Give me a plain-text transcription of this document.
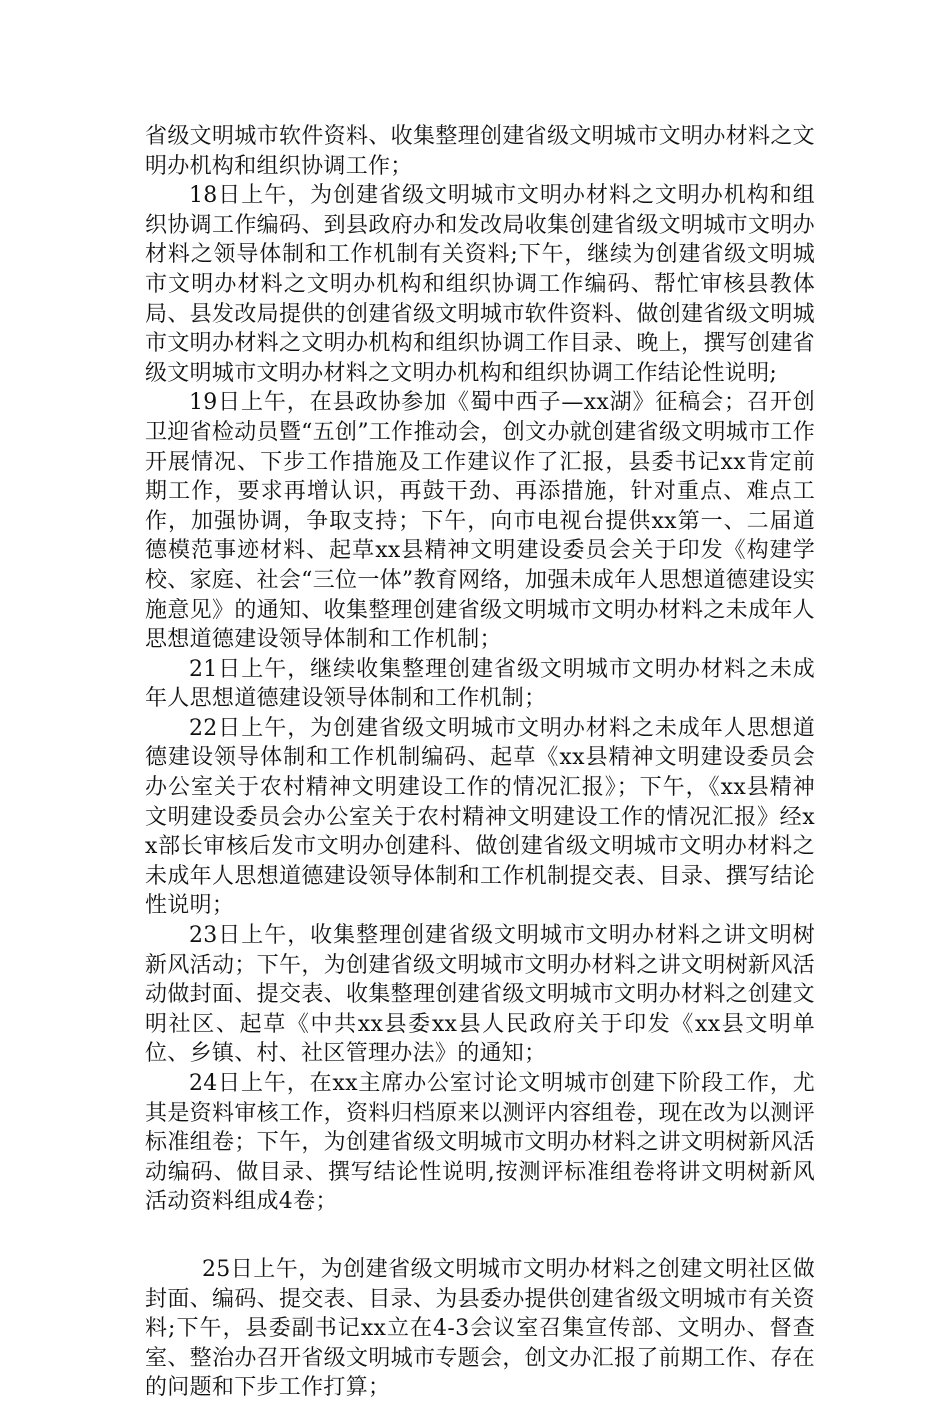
省级文明城市软件资料、收集整理创建省级文明城市文明办材料之文明办机构和组织协调工作；

18日上午，为创建省级文明城市文明办材料之文明办机构和组织协调工作编码、到县政府办和发改局收集创建省级文明城市文明办材料之领导体制和工作机制有关资料;下午，继续为创建省级文明城市文明办材料之文明办机构和组织协调工作编码、帮忙审核县教体局、县发改局提供的创建省级文明城市软件资料、做创建省级文明城市文明办材料之文明办机构和组织协调工作目录、晚上，撰写创建省级文明城市文明办材料之文明办机构和组织协调工作结论性说明;

19日上午，在县政协参加《蜀中西子—xx湖》征稿会；召开创卫迎省检动员暨“五创”工作推动会，创文办就创建省级文明城市工作开展情况、下步工作措施及工作建议作了汇报，县委书记xx肯定前期工作，要求再增认识，再鼓干劲、再添措施，针对重点、难点工作，加强协调，争取支持；下午，向市电视台提供xx第一、二届道德模范事迹材料、起草xx县精神文明建设委员会关于印发《构建学校、家庭、社会“三位一体”教育网络，加强未成年人思想道德建设实施意见》的通知、收集整理创建省级文明城市文明办材料之未成年人思想道德建设领导体制和工作机制；

21日上午，继续收集整理创建省级文明城市文明办材料之未成年人思想道德建设领导体制和工作机制；

22日上午，为创建省级文明城市文明办材料之未成年人思想道德建设领导体制和工作机制编码、起草《xx县精神文明建设委员会办公室关于农村精神文明建设工作的情况汇报》；下午，《xx县精神文明建设委员会办公室关于农村精神文明建设工作的情况汇报》经xx部长审核后发市文明办创建科、做创建省级文明城市文明办材料之未成年人思想道德建设领导体制和工作机制提交表、目录、撰写结论性说明；

23日上午，收集整理创建省级文明城市文明办材料之讲文明树新风活动；下午，为创建省级文明城市文明办材料之讲文明树新风活动做封面、提交表、收集整理创建省级文明城市文明办材料之创建文明社区、起草《中共xx县委xx县人民政府关于印发《xx县文明单位、乡镇、村、社区管理办法》的通知；

24日上午，在xx主席办公室讨论文明城市创建下阶段工作，尤其是资料审核工作，资料归档原来以测评内容组卷，现在改为以测评标准组卷；下午，为创建省级文明城市文明办材料之讲文明树新风活动编码、做目录、撰写结论性说明,按测评标准组卷将讲文明树新风活动资料组成4卷；

25日上午，为创建省级文明城市文明办材料之创建文明社区做封面、编码、提交表、目录、为县委办提供创建省级文明城市有关资料;下午，县委副书记xx立在4-3会议室召集宣传部、文明办、督查室、整治办召开省级文明城市专题会，创文办汇报了前期工作、存在的问题和下步工作打算；
